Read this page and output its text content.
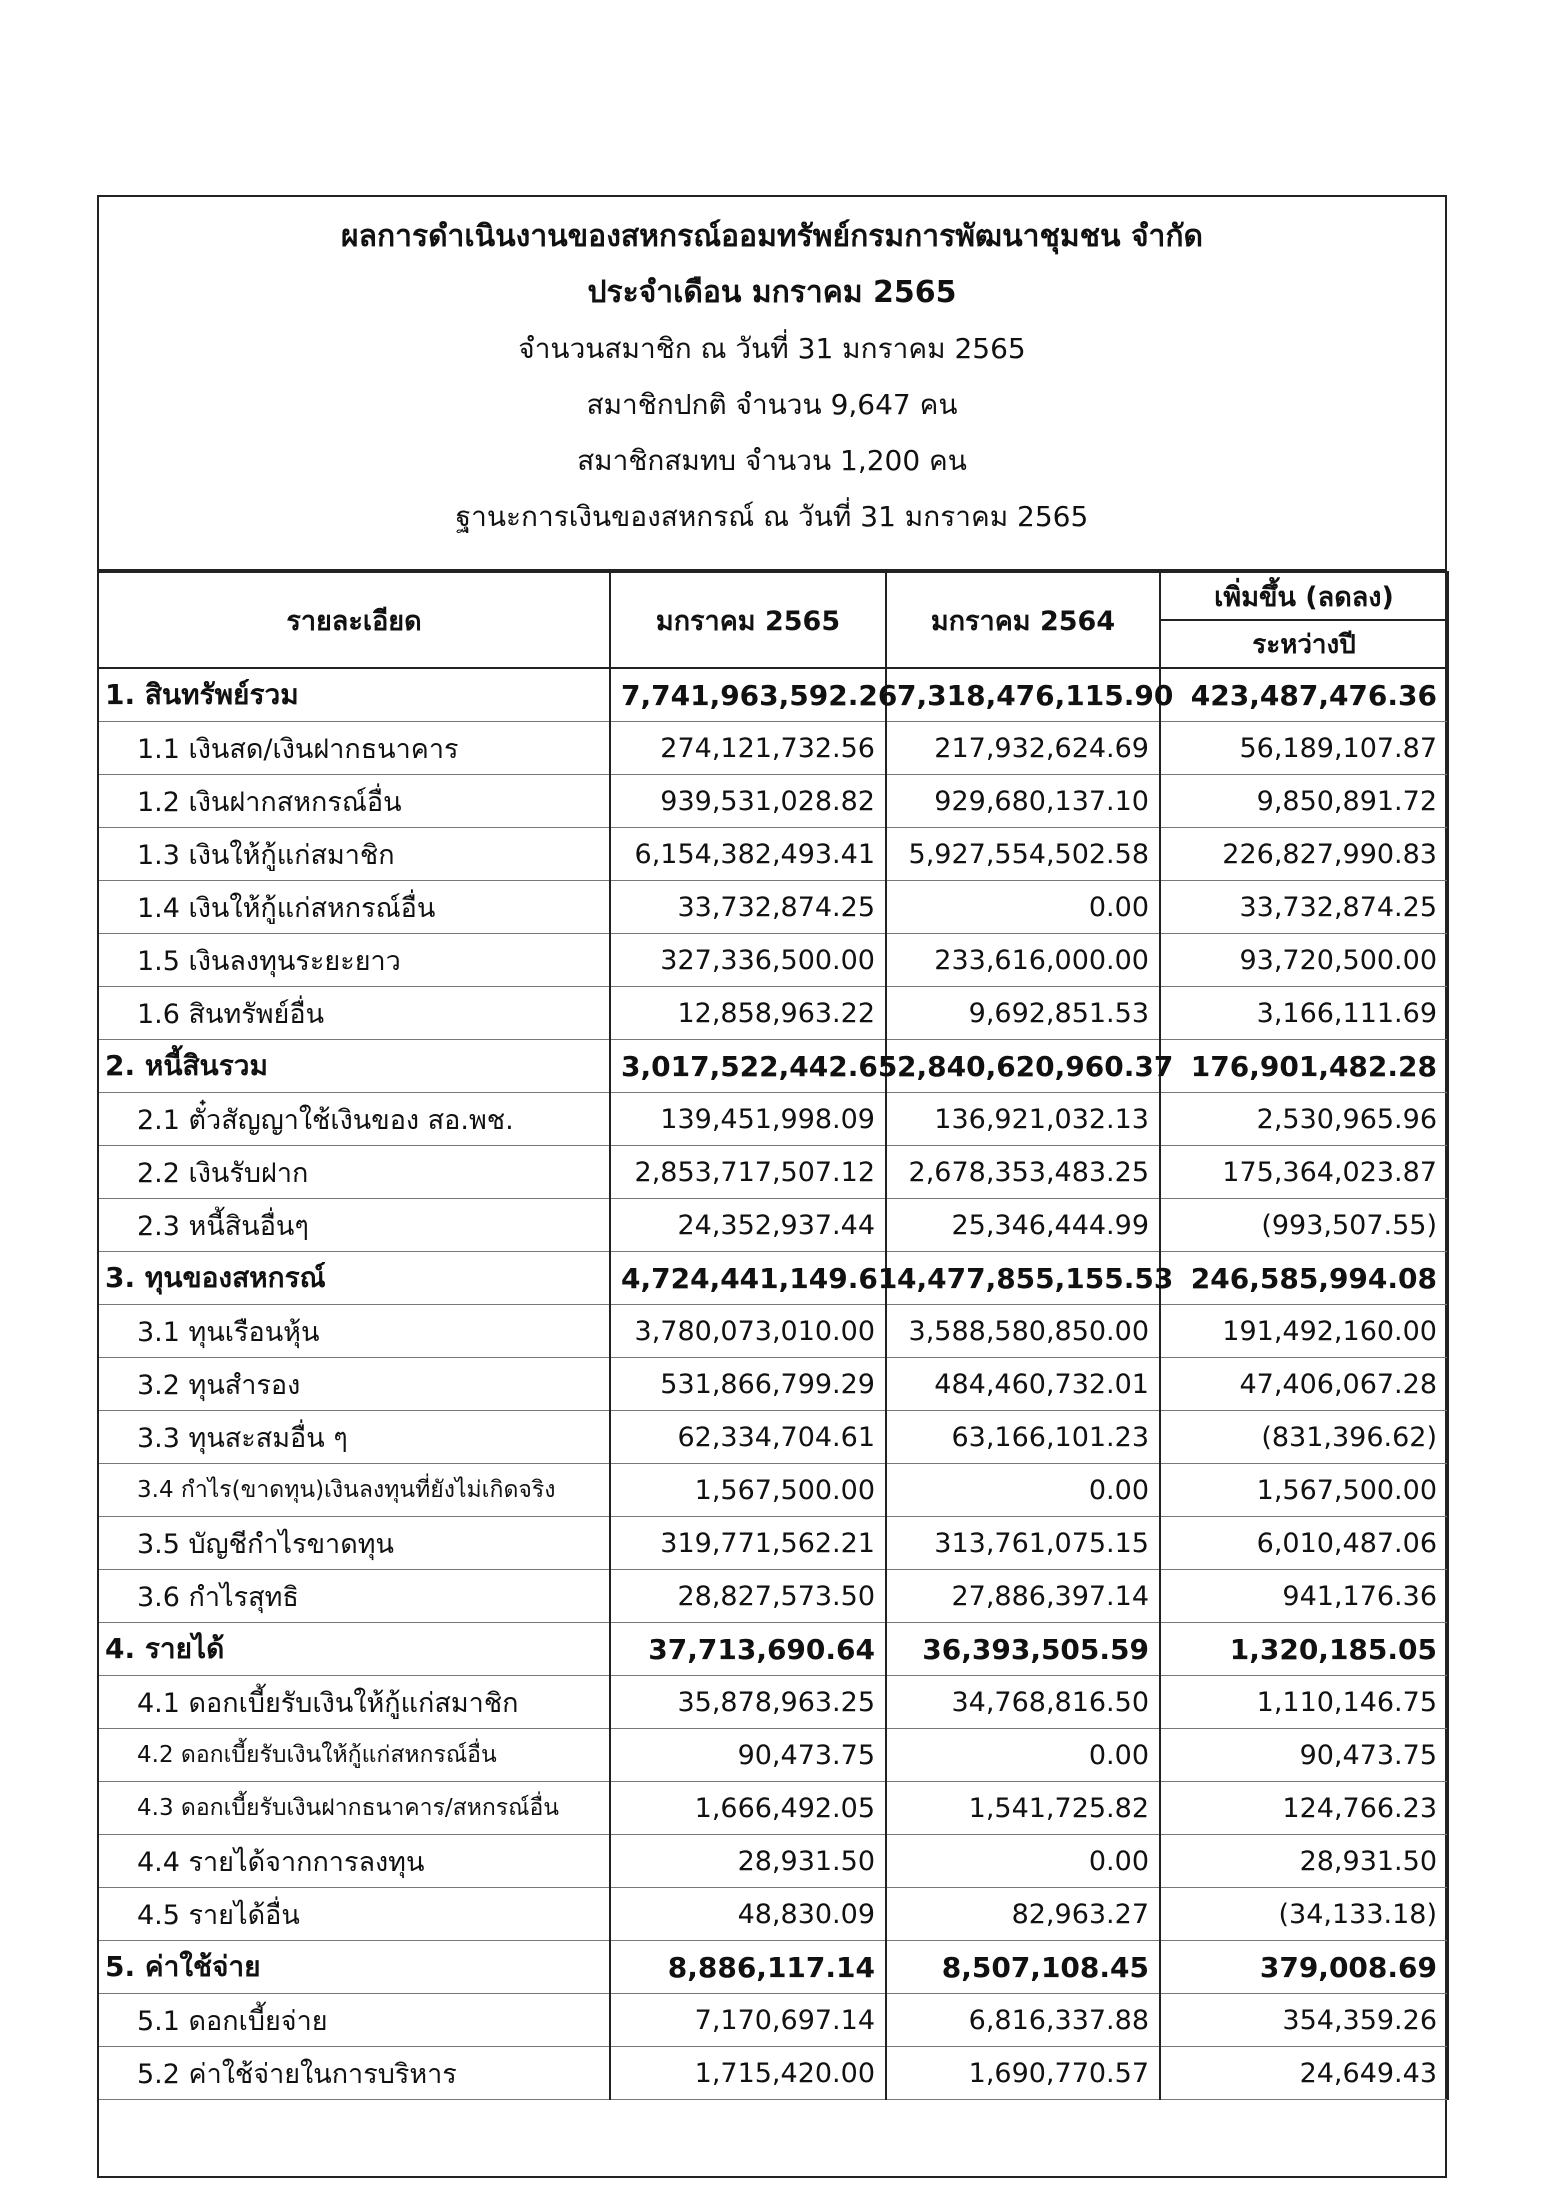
ผลการดำเนินงานของสหกรณ์ออมทรัพย์กรมการพัฒนาชุมชน จำกัด
ประจำเดือน มกราคม 2565
จำนวนสมาชิก ณ วันที่ 31 มกราคม 2565
สมาชิกปกติ จำนวน 9,647 คน
สมาชิกสมทบ จำนวน 1,200 คน
ฐานะการเงินของสหกรณ์ ณ วันที่ 31 มกราคม 2565
รายละเอียด	มกราคม 2565	มกราคม 2564	เพิ่มขึ้น (ลดลง)
			ระหว่างปี
1. สินทรัพย์รวม	7,741,963,592.26	7,318,476,115.90	423,487,476.36
1.1 เงินสด/เงินฝากธนาคาร	274,121,732.56	217,932,624.69	56,189,107.87
1.2 เงินฝากสหกรณ์อื่น	939,531,028.82	929,680,137.10	9,850,891.72
1.3 เงินให้กู้แก่สมาชิก	6,154,382,493.41	5,927,554,502.58	226,827,990.83
1.4 เงินให้กู้แก่สหกรณ์อื่น	33,732,874.25	0.00	33,732,874.25
1.5 เงินลงทุนระยะยาว	327,336,500.00	233,616,000.00	93,720,500.00
1.6 สินทรัพย์อื่น	12,858,963.22	9,692,851.53	3,166,111.69
2. หนี้สินรวม	3,017,522,442.65	2,840,620,960.37	176,901,482.28
2.1 ตั๋วสัญญาใช้เงินของ สอ.พช.	139,451,998.09	136,921,032.13	2,530,965.96
2.2 เงินรับฝาก	2,853,717,507.12	2,678,353,483.25	175,364,023.87
2.3 หนี้สินอื่นๆ	24,352,937.44	25,346,444.99	(993,507.55)
3. ทุนของสหกรณ์	4,724,441,149.61	4,477,855,155.53	246,585,994.08
3.1 ทุนเรือนหุ้น	3,780,073,010.00	3,588,580,850.00	191,492,160.00
3.2 ทุนสำรอง	531,866,799.29	484,460,732.01	47,406,067.28
3.3 ทุนสะสมอื่น ๆ	62,334,704.61	63,166,101.23	(831,396.62)
3.4 กำไร(ขาดทุน)เงินลงทุนที่ยังไม่เกิดจริง	1,567,500.00	0.00	1,567,500.00
3.5 บัญชีกำไรขาดทุน	319,771,562.21	313,761,075.15	6,010,487.06
3.6 กำไรสุทธิ	28,827,573.50	27,886,397.14	941,176.36
4. รายได้	37,713,690.64	36,393,505.59	1,320,185.05
4.1 ดอกเบี้ยรับเงินให้กู้แก่สมาชิก	35,878,963.25	34,768,816.50	1,110,146.75
4.2 ดอกเบี้ยรับเงินให้กู้แก่สหกรณ์อื่น	90,473.75	0.00	90,473.75
4.3 ดอกเบี้ยรับเงินฝากธนาคาร/สหกรณ์อื่น	1,666,492.05	1,541,725.82	124,766.23
4.4 รายได้จากการลงทุน	28,931.50	0.00	28,931.50
4.5 รายได้อื่น	48,830.09	82,963.27	(34,133.18)
5. ค่าใช้จ่าย	8,886,117.14	8,507,108.45	379,008.69
5.1 ดอกเบี้ยจ่าย	7,170,697.14	6,816,337.88	354,359.26
5.2 ค่าใช้จ่ายในการบริหาร	1,715,420.00	1,690,770.57	24,649.43
